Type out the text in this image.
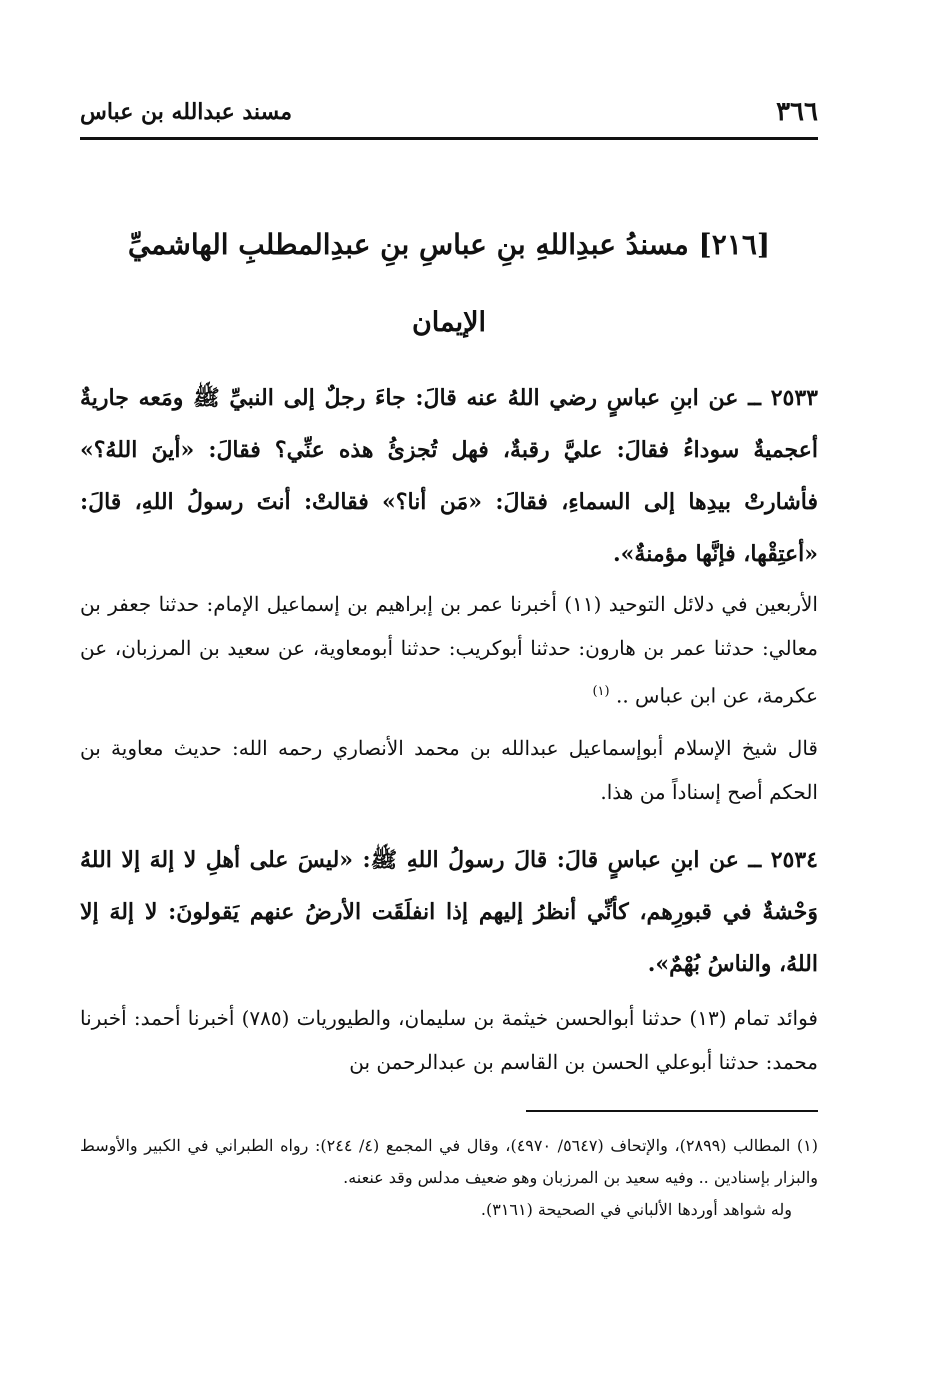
٣٦٦
مسند عبدالله بن عباس
[٢١٦] مسندُ عبدِاللهِ بنِ عباسِ بنِ عبدِالمطلبِ الهاشميِّ
الإيمان
٢٥٣٣ ــ عن ابنِ عباسٍ رضي اللهُ عنه قالَ: جاءَ رجلٌ إلى النبيِّ ﷺ ومَعه جاريةٌ أعجميةٌ سوداءُ فقالَ: عليَّ رقبةٌ، فهل تُجزئُ هذه عنِّي؟ فقالَ: «أينَ اللهُ؟» فأشارتْ بيدِها إلى السماءِ، فقالَ: «مَن أنا؟» فقالتْ: أنتَ رسولُ اللهِ، قالَ: «أعتِقْها، فإنَّها مؤمنةٌ».
الأربعين في دلائل التوحيد (١١) أخبرنا عمر بن إبراهيم بن إسماعيل الإمام: حدثنا جعفر بن معالي: حدثنا عمر بن هارون: حدثنا أبوكريب: حدثنا أبومعاوية، عن سعيد بن المرزبان، عن عكرمة، عن ابن عباس .. $^{(١)}$
قال شيخ الإسلام أبوإسماعيل عبدالله بن محمد الأنصاري رحمه الله: حديث معاوية بن الحكم أصح إسناداً من هذا.
٢٥٣٤ ــ عن ابنِ عباسٍ قالَ: قالَ رسولُ اللهِ ﷺ: «ليسَ على أهلِ لا إلهَ إلا اللهُ وَحْشةٌ في قبورِهم، كأنِّي أنظرُ إليهم إذا انفلَقَت الأرضُ عنهم يَقولونَ: لا إلهَ إلا اللهُ، والناسُ بُهْمٌ».
فوائد تمام (١٣) حدثنا أبوالحسن خيثمة بن سليمان، والطيوريات (٧٨٥) أخبرنا أحمد: أخبرنا محمد: حدثنا أبوعلي الحسن بن القاسم بن عبدالرحمن بن
(١) المطالب (٢٨٩٩)، والإتحاف (٥٦٤٧/ ٤٩٧٠)، وقال في المجمع (٤/ ٢٤٤): رواه الطبراني في الكبير والأوسط والبزار بإسنادين .. وفيه سعيد بن المرزبان وهو ضعيف مدلس وقد عنعنه.
وله شواهد أوردها الألباني في الصحيحة (٣١٦١).
